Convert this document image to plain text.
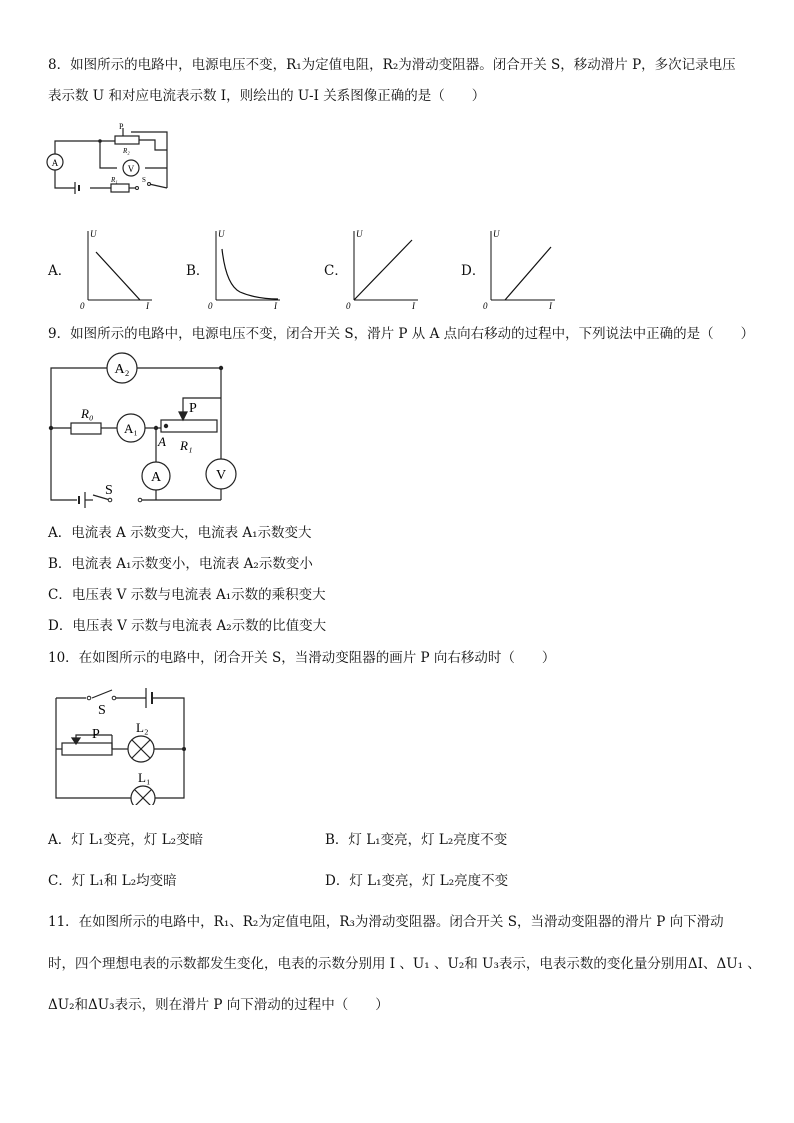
8．如图所示的电路中，电源电压不变，R₁为定值电阻，R₂为滑动变阻器。闭合开关 S，移动滑片 P，多次记录电压
表示数 U 和对应电流表示数 I，则绘出的 U-I 关系图像正确的是（　　）
A
V
P
R₂
R₁	S
A．
U
I
0
B．
U
I
0
C．
U
I
0
D．
U
I
0
9．如图所示的电路中，电源电压不变，闭合开关 S，滑片 P 从 A 点向右移动的过程中，下列说法中正确的是（　　）
A₂
A₁
A	V
R₀	P
A R₁
S
A．电流表 A 示数变大，电流表 A₁示数变大
B．电流表 A₁示数变小，电流表 A₂示数变小
C．电压表 V 示数与电流表 A₁示数的乘积变大
D．电压表 V 示数与电流表 A₂示数的比值变大
10．在如图所示的电路中，闭合开关 S，当滑动变阻器的画片 P 向右移动时（　　）
S
P	L₂
L₁
A．灯 L₁变亮，灯 L₂变暗	B．灯 L₁变亮，灯 L₂亮度不变
C．灯 L₁和 L₂均变暗	D．灯 L₁变亮，灯 L₂亮度不变
11．在如图所示的电路中，R₁、R₂为定值电阻，R₃为滑动变阻器。闭合开关 S，当滑动变阻器的滑片 P 向下滑动
时，四个理想电表的示数都发生变化，电表的示数分别用 I 、U₁ 、U₂和 U₃表示，电表示数的变化量分别用ΔI、ΔU₁ 、
ΔU₂和ΔU₃表示，则在滑片 P 向下滑动的过程中（　　）
